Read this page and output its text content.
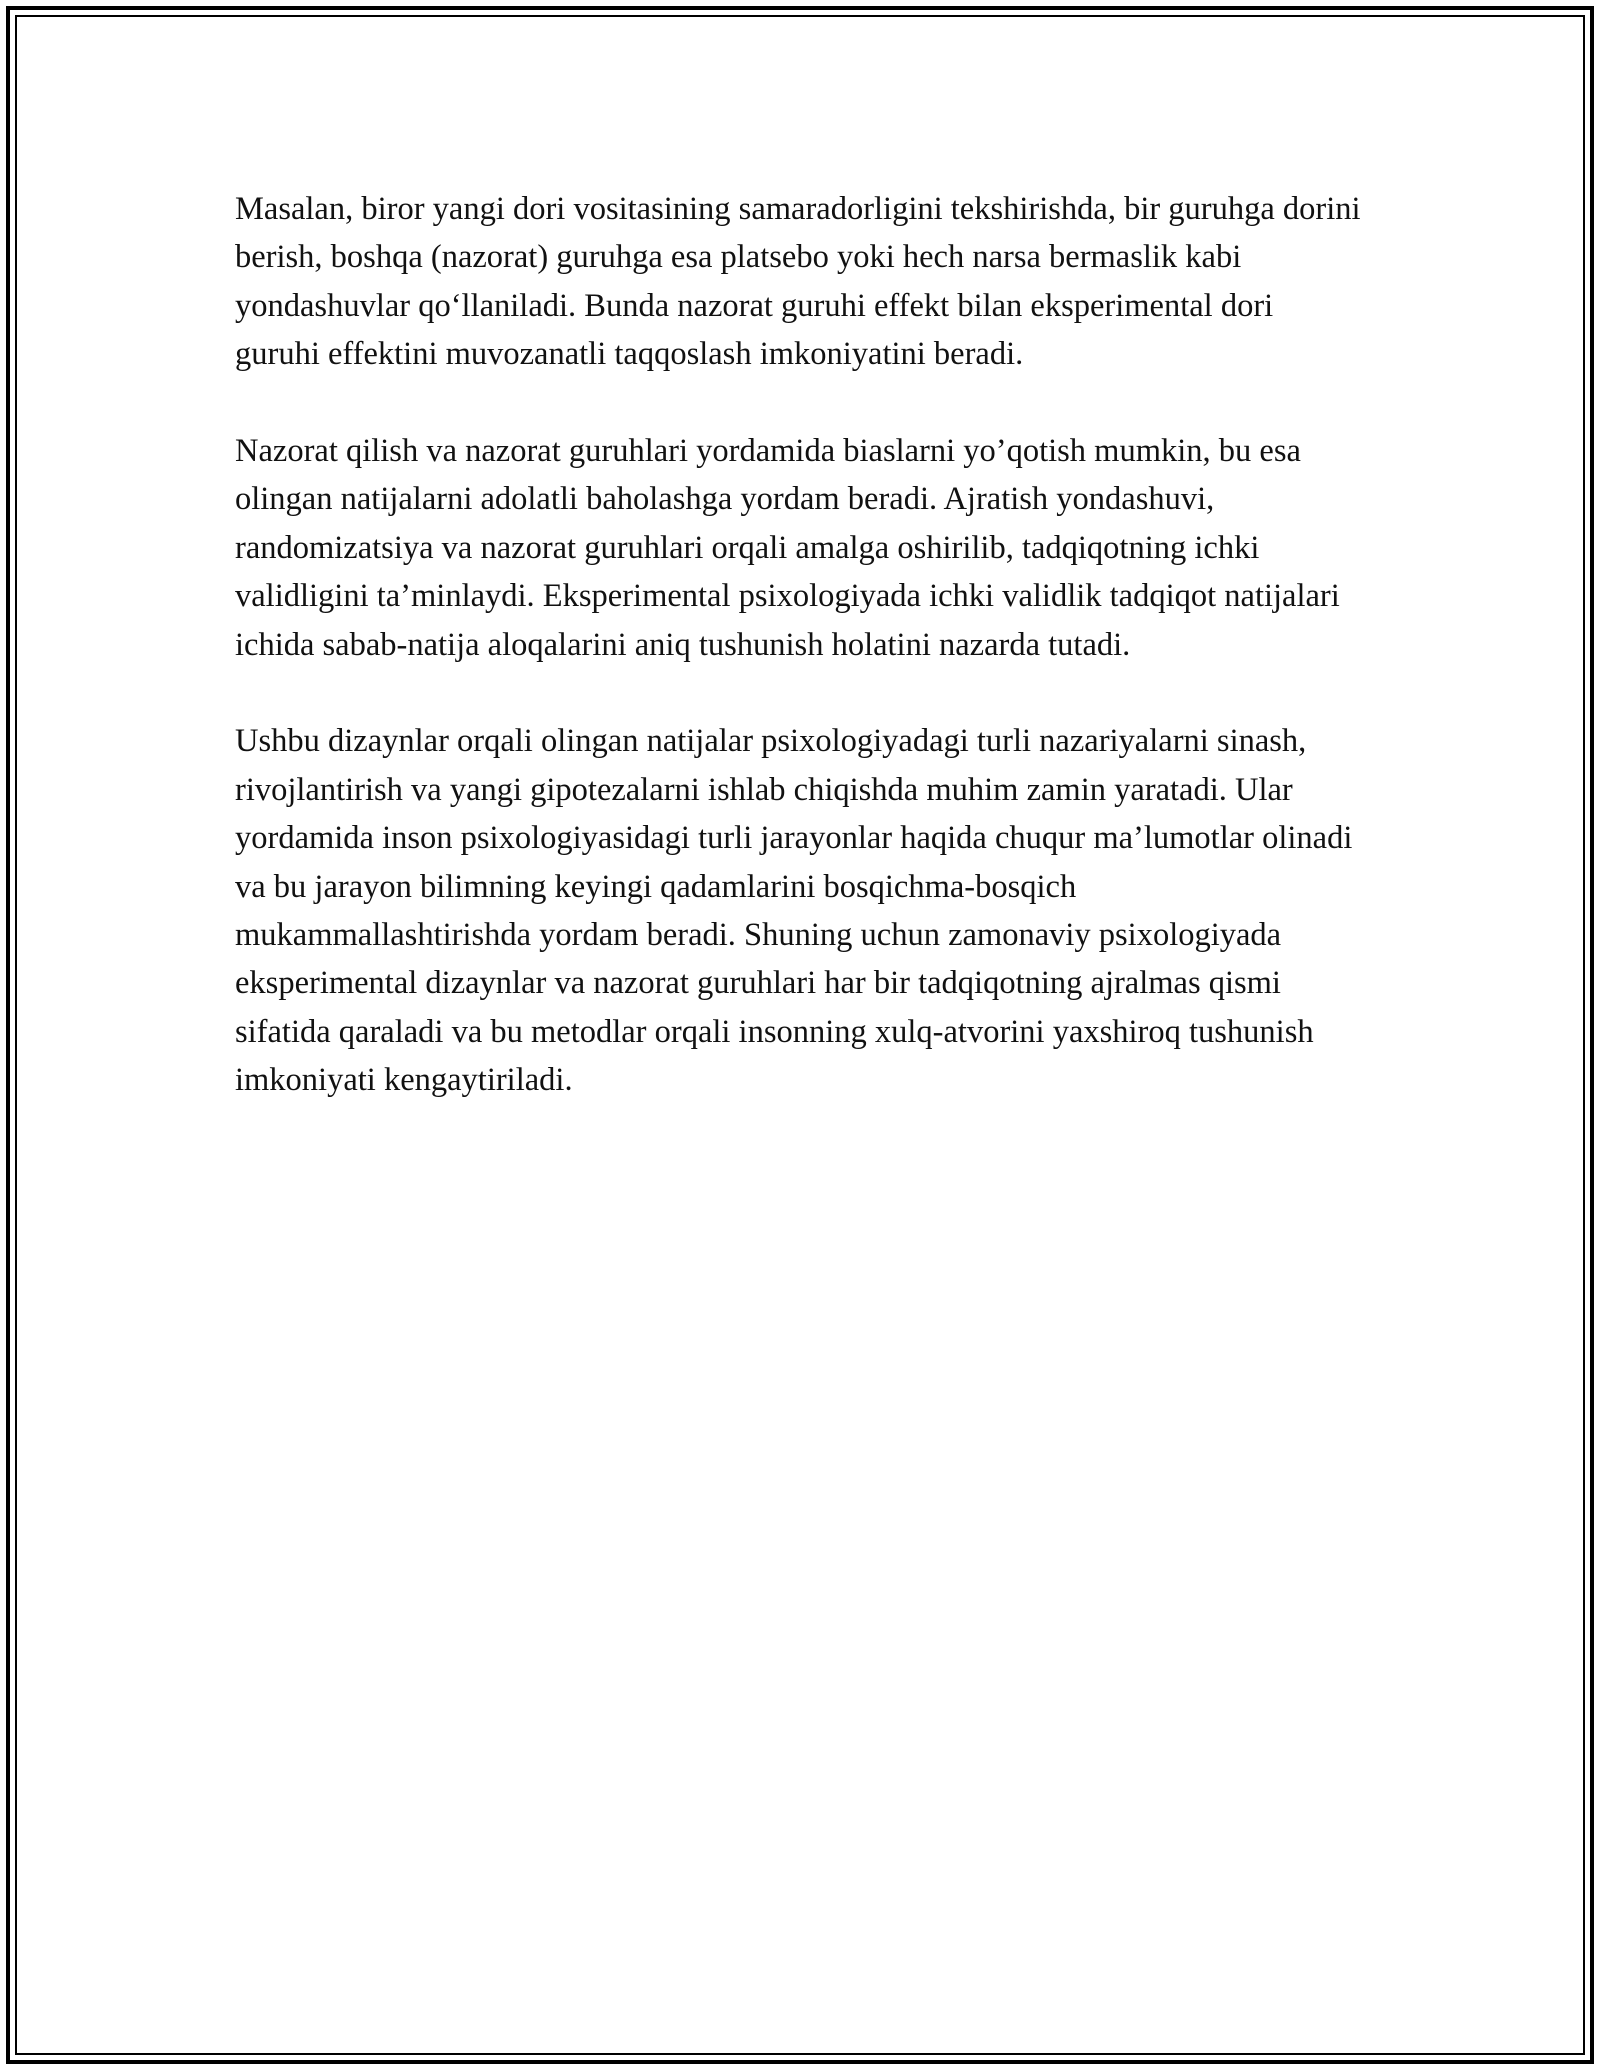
Masalan, biror yangi dori vositasining samaradorligini tekshirishda, bir guruhga dorini berish, boshqa (nazorat) guruhga esa platsebo yoki hech narsa bermaslik kabi yondashuvlar qo‘llaniladi. Bunda nazorat guruhi effekt bilan eksperimental dori guruhi effektini muvozanatli taqqoslash imkoniyatini beradi.

Nazorat qilish va nazorat guruhlari yordamida biaslarni yo’qotish mumkin, bu esa olingan natijalarni adolatli baholashga yordam beradi. Ajratish yondashuvi, randomizatsiya va nazorat guruhlari orqali amalga oshirilib, tadqiqotning ichki validligini ta’minlaydi. Eksperimental psixologiyada ichki validlik tadqiqot natijalari ichida sabab-natija aloqalarini aniq tushunish holatini nazarda tutadi.

Ushbu dizaynlar orqali olingan natijalar psixologiyadagi turli nazariyalarni sinash, rivojlantirish va yangi gipotezalarni ishlab chiqishda muhim zamin yaratadi. Ular yordamida inson psixologiyasidagi turli jarayonlar haqida chuqur ma’lumotlar olinadi va bu jarayon bilimning keyingi qadamlarini bosqichma-bosqich mukammallashtirishda yordam beradi. Shuning uchun zamonaviy psixologiyada eksperimental dizaynlar va nazorat guruhlari har bir tadqiqotning ajralmas qismi sifatida qaraladi va bu metodlar orqali insonning xulq-atvorini yaxshiroq tushunish imkoniyati kengaytiriladi.
